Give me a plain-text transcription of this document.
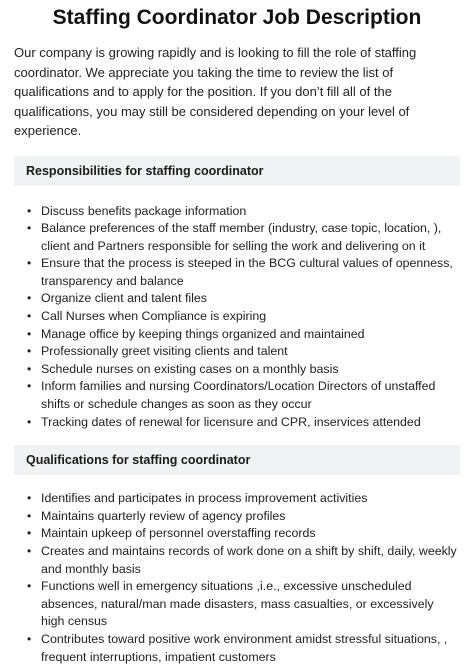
Staffing Coordinator Job Description

Our company is growing rapidly and is looking to fill the role of staffing coordinator. We appreciate you taking the time to review the list of qualifications and to apply for the position. If you don’t fill all of the qualifications, you may still be considered depending on your level of experience.

Responsibilities for staffing coordinator
• Discuss benefits package information
• Balance preferences of the staff member (industry, case topic, location, ), client and Partners responsible for selling the work and delivering on it
• Ensure that the process is steeped in the BCG cultural values of openness, transparency and balance
• Organize client and talent files
• Call Nurses when Compliance is expiring
• Manage office by keeping things organized and maintained
• Professionally greet visiting clients and talent
• Schedule nurses on existing cases on a monthly basis
• Inform families and nursing Coordinators/Location Directors of unstaffed shifts or schedule changes as soon as they occur
• Tracking dates of renewal for licensure and CPR, inservices attended
Qualifications for staffing coordinator
• Identifies and participates in process improvement activities
• Maintains quarterly review of agency profiles
• Maintain upkeep of personnel overstaffing records
• Creates and maintains records of work done on a shift by shift, daily, weekly and monthly basis
• Functions well in emergency situations ,i.e., excessive unscheduled absences, natural/man made disasters, mass casualties, or excessively high census
• Contributes toward positive work environment amidst stressful situations, , frequent interruptions, impatient customers
